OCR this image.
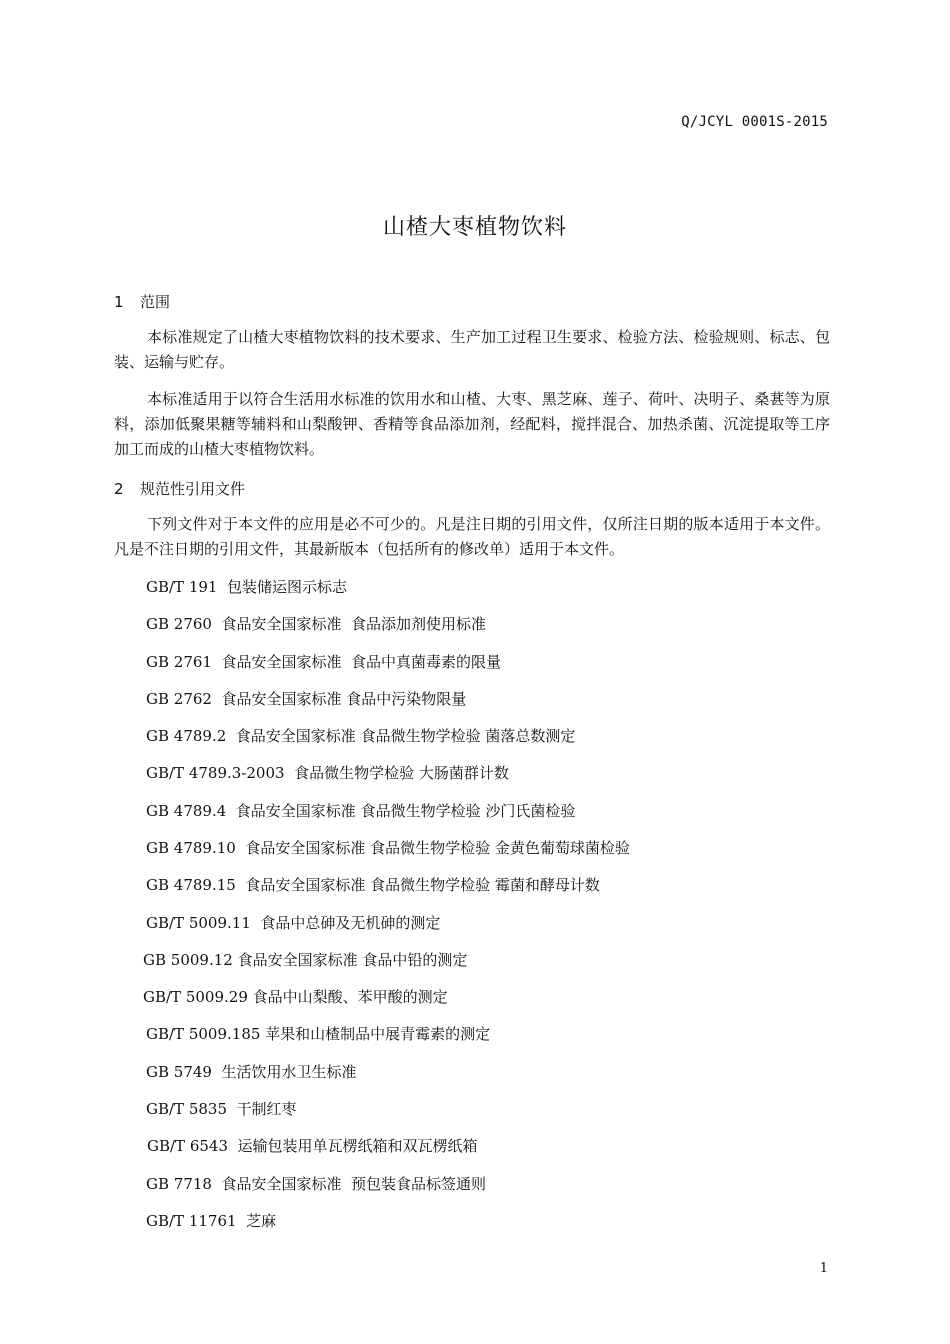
Q/JCYL 0001S-2015
山楂大枣植物饮料
1 范围
本标准规定了山楂大枣植物饮料的技术要求、生产加工过程卫生要求、检验方法、检验规则、标志、包装、运输与贮存。
本标准适用于以符合生活用水标准的饮用水和山楂、大枣、黑芝麻、莲子、荷叶、决明子、桑葚等为原料，添加低聚果糖等辅料和山梨酸钾、香精等食品添加剂，经配料，搅拌混合、加热杀菌、沉淀提取等工序加工而成的山楂大枣植物饮料。
2 规范性引用文件
下列文件对于本文件的应用是必不可少的。凡是注日期的引用文件，仅所注日期的版本适用于本文件。凡是不注日期的引用文件，其最新版本（包括所有的修改单）适用于本文件。
GB/T 191  包装储运图示标志
GB 2760  食品安全国家标准  食品添加剂使用标准
GB 2761  食品安全国家标准  食品中真菌毒素的限量
GB 2762  食品安全国家标准 食品中污染物限量
GB 4789.2  食品安全国家标准 食品微生物学检验 菌落总数测定
GB/T 4789.3-2003  食品微生物学检验 大肠菌群计数
GB 4789.4  食品安全国家标准 食品微生物学检验 沙门氏菌检验
GB 4789.10  食品安全国家标准 食品微生物学检验 金黄色葡萄球菌检验
GB 4789.15  食品安全国家标准 食品微生物学检验 霉菌和酵母计数
GB/T 5009.11  食品中总砷及无机砷的测定
GB 5009.12 食品安全国家标准 食品中铅的测定
GB/T 5009.29 食品中山梨酸、苯甲酸的测定
GB/T 5009.185 苹果和山楂制品中展青霉素的测定
GB 5749  生活饮用水卫生标准
GB/T 5835  干制红枣
GB/T 6543  运输包装用单瓦楞纸箱和双瓦楞纸箱
GB 7718  食品安全国家标准  预包装食品标签通则
GB/T 11761  芝麻
1
